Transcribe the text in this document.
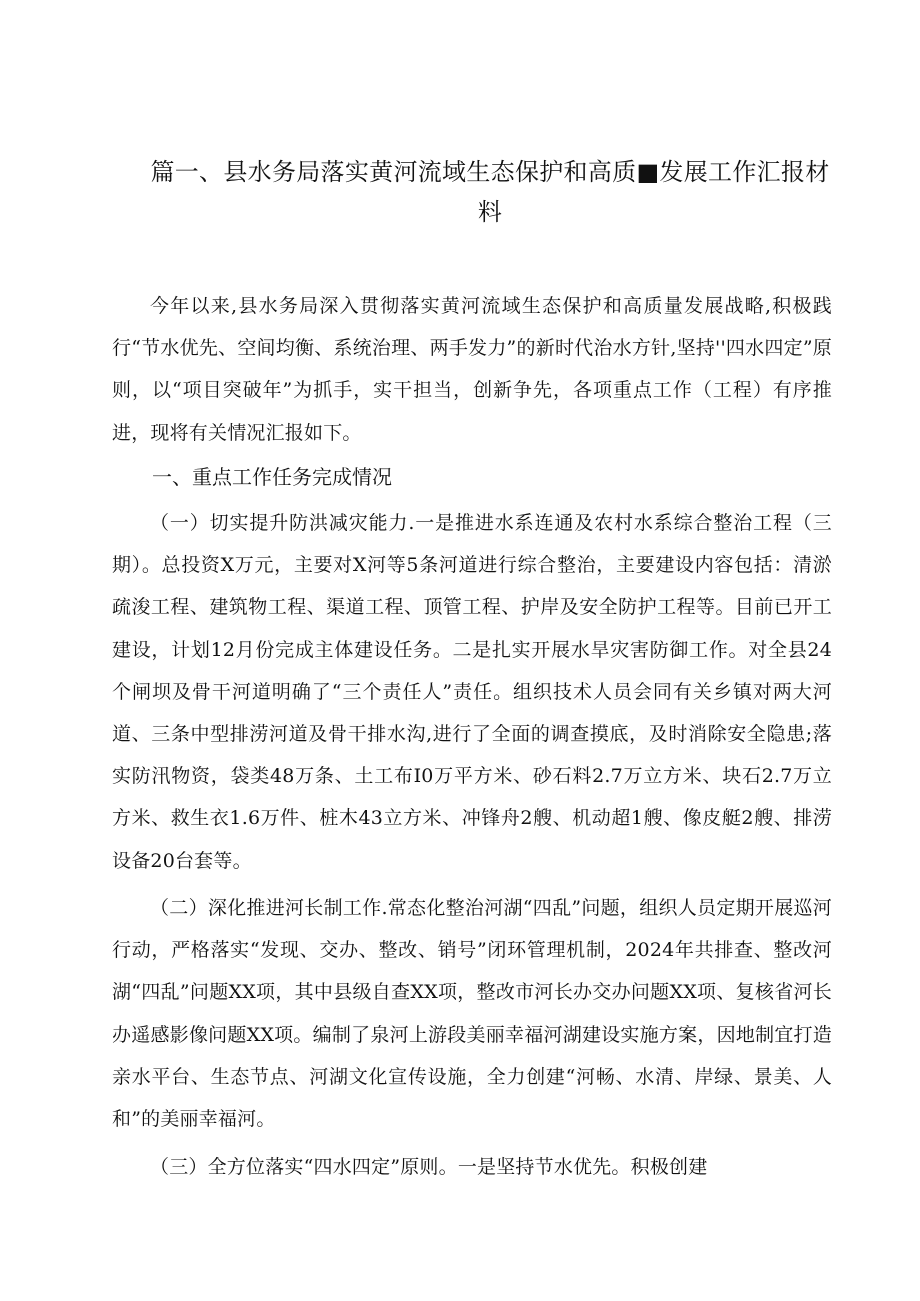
篇一、县水务局落实黄河流域生态保护和高质■发展工作汇报材
料

今年以来,县水务局深入贯彻落实黄河流域生态保护和高质量发展战略,积极践行“节水优先、空间均衡、系统治理、两手发力”的新时代治水方针,坚持''四水四定”原则，以“项目突破年”为抓手，实干担当，创新争先，各项重点工作（工程）有序推进，现将有关情况汇报如下。

一、重点工作任务完成情况

（一）切实提升防洪减灾能力.一是推进水系连通及农村水系综合整治工程（三期）。总投资X万元，主要对X河等5条河道进行综合整治，主要建设内容包括：清淤疏浚工程、建筑物工程、渠道工程、顶管工程、护岸及安全防护工程等。目前已开工建设，计划12月份完成主体建设任务。二是扎实开展水旱灾害防御工作。对全县24个闸坝及骨干河道明确了“三个责任人”责任。组织技术人员会同有关乡镇对两大河道、三条中型排涝河道及骨干排水沟,进行了全面的调查摸底，及时消除安全隐患;落实防汛物资，袋类48万条、土工布I0万平方米、砂石料2.7万立方米、块石2.7万立方米、救生衣1.6万件、桩木43立方米、冲锋舟2艘、机动超1艘、像皮艇2艘、排涝设备20台套等。

（二）深化推进河长制工作.常态化整治河湖“四乱”问题，组织人员定期开展巡河行动，严格落实“发现、交办、整改、销号”闭环管理机制，2024年共排查、整改河湖“四乱”问题XX项，其中县级自查XX项，整改市河长办交办问题XX项、复核省河长办遥感影像问题XX项。编制了泉河上游段美丽幸福河湖建设实施方案，因地制宜打造亲水平台、生态节点、河湖文化宣传设施，全力创建“河畅、水清、岸绿、景美、人和”的美丽幸福河。

（三）全方位落实“四水四定”原则。一是坚持节水优先。积极创建
